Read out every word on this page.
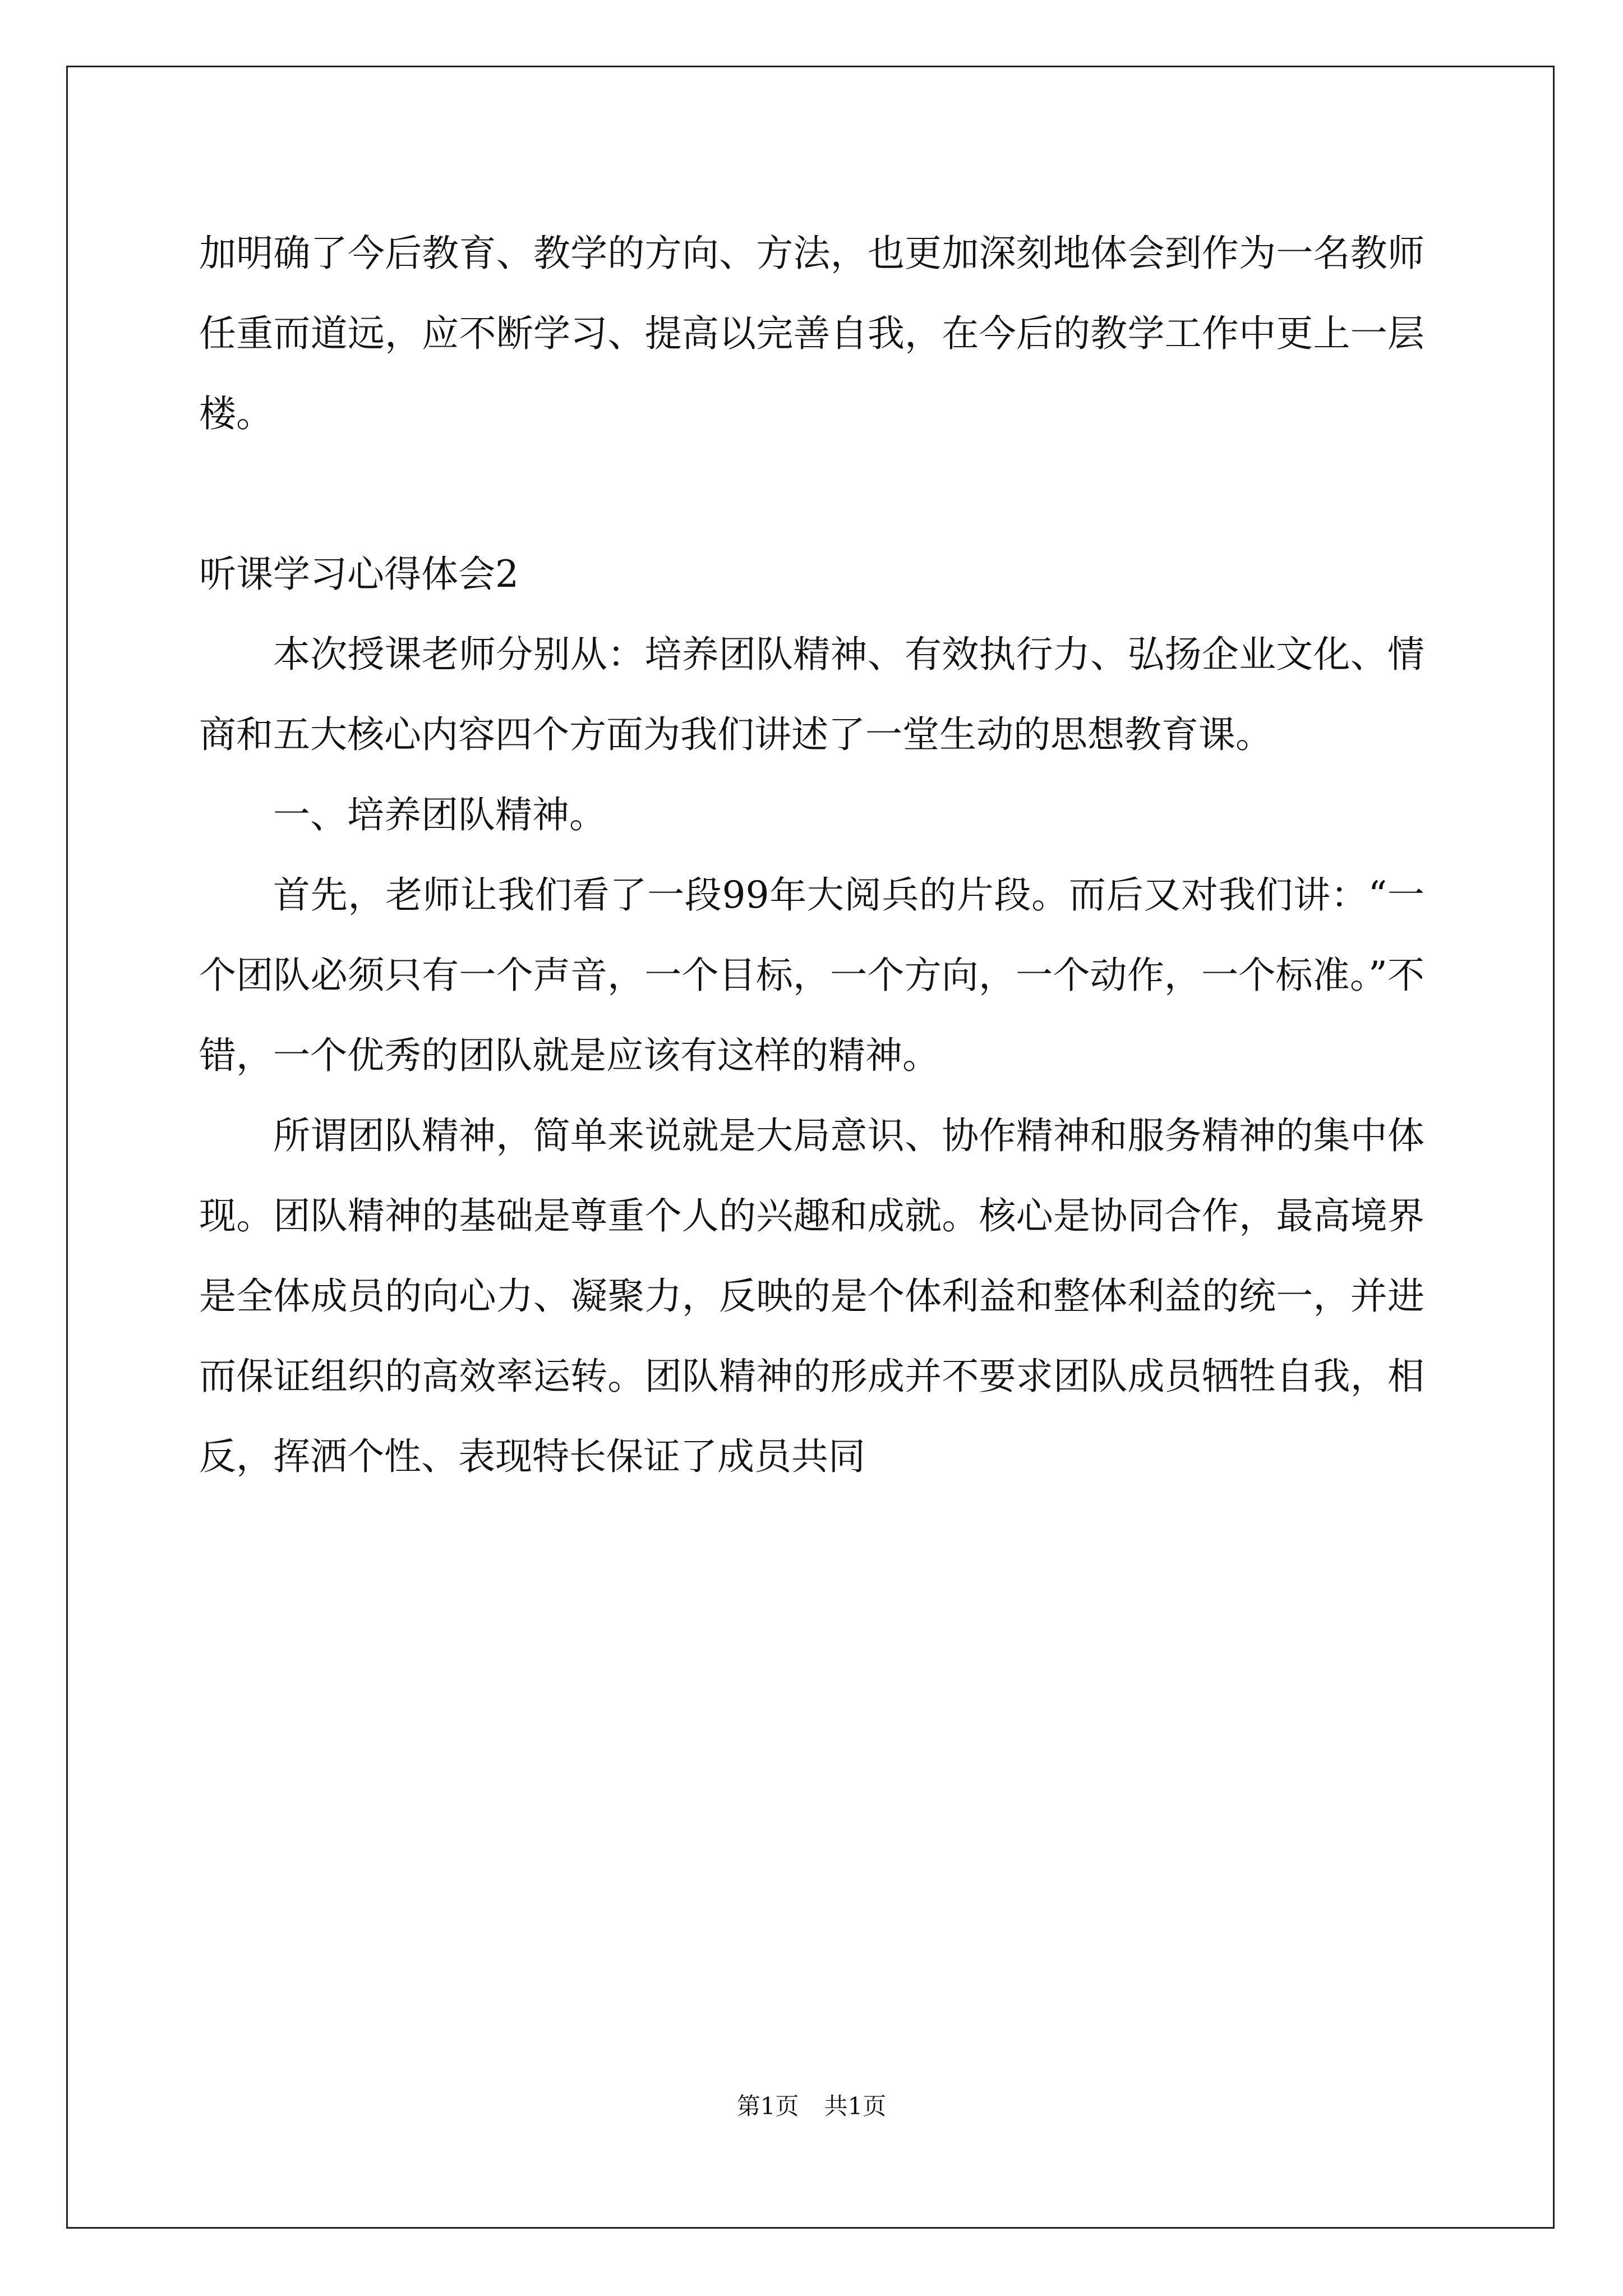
加明确了今后教育、教学的方向、方法，也更加深刻地体会到作为一名教师任重而道远，应不断学习、提高以完善自我，在今后的教学工作中更上一层楼。

听课学习心得体会2

本次授课老师分别从：培养团队精神、有效执行力、弘扬企业文化、情商和五大核心内容四个方面为我们讲述了一堂生动的思想教育课。

一、培养团队精神。

首先，老师让我们看了一段99年大阅兵的片段。而后又对我们讲：“一个团队必须只有一个声音，一个目标，一个方向，一个动作，一个标准。”不错，一个优秀的团队就是应该有这样的精神。

所谓团队精神，简单来说就是大局意识、协作精神和服务精神的集中体现。团队精神的基础是尊重个人的兴趣和成就。核心是协同合作，最高境界是全体成员的向心力、凝聚力，反映的是个体利益和整体利益的统一，并进而保证组织的高效率运转。团队精神的形成并不要求团队成员牺牲自我，相反，挥洒个性、表现特长保证了成员共同

第1页 共1页
